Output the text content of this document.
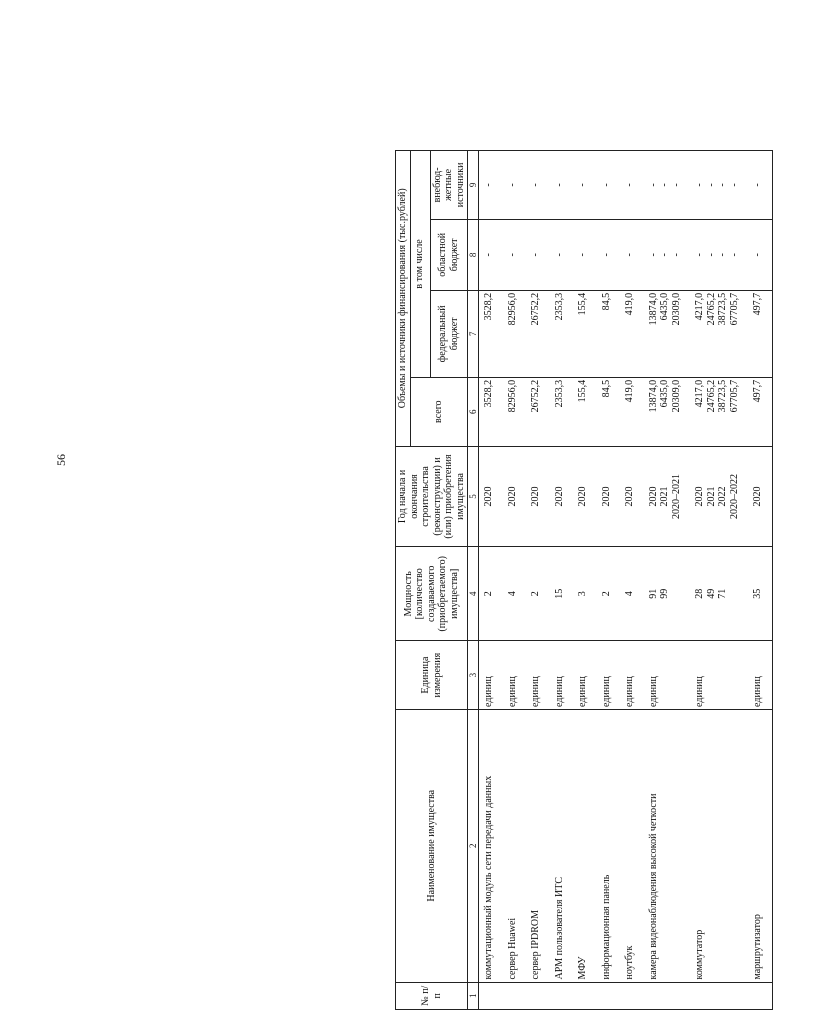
56
№ п/п	Наименование имущества	Единица измерения	Мощность [количество создаваемого (приобретаемого) имущества]	Год начала и окончания строительства (реконструкции) и (или) приобретения имущества	Объемы и источники финансирования (тыс.рублей)			
					всего	в том числе		
						федеральный бюджет	областной бюджет	внебюд-жетные источники
1	2	3	4	5	6	7	8	9
	коммутационный модуль сети передачи данных	единиц	2	2020	3528,2	3528,2	-	-

	сервер Huawei	единиц	4	2020	82956,0	82956,0	-	-

	сервер IPDROM	единиц	2	2020	26752,2	26752,2	-	-

	АРМ пользователя ИТС	единиц	15	2020	2353,3	2353,3	-	-

	МФУ	единиц	3	2020	155,4	155,4	-	-

	информационная панель	единиц	2	2020	84,5	84,5	-	-

	ноутбук	единиц	4	2020	419,0	419,0	-	-

	камера видеонаблюдения высокой четкости	единиц	91 99	2020 2021 2020–2021	13874,0 6435,0 20309,0	13874,0 6435,0 20309,0	- - -	- - -

	коммутатор	единиц	28 49 71	2020 2021 2022 2020–2022	4217,0 24765,2 38723,5 67705,7	4217,0 24765,2 38723,5 67705,7	- - - -	- - - -

	маршрутизатор	единиц	35	2020	497,7	497,7	-	-
